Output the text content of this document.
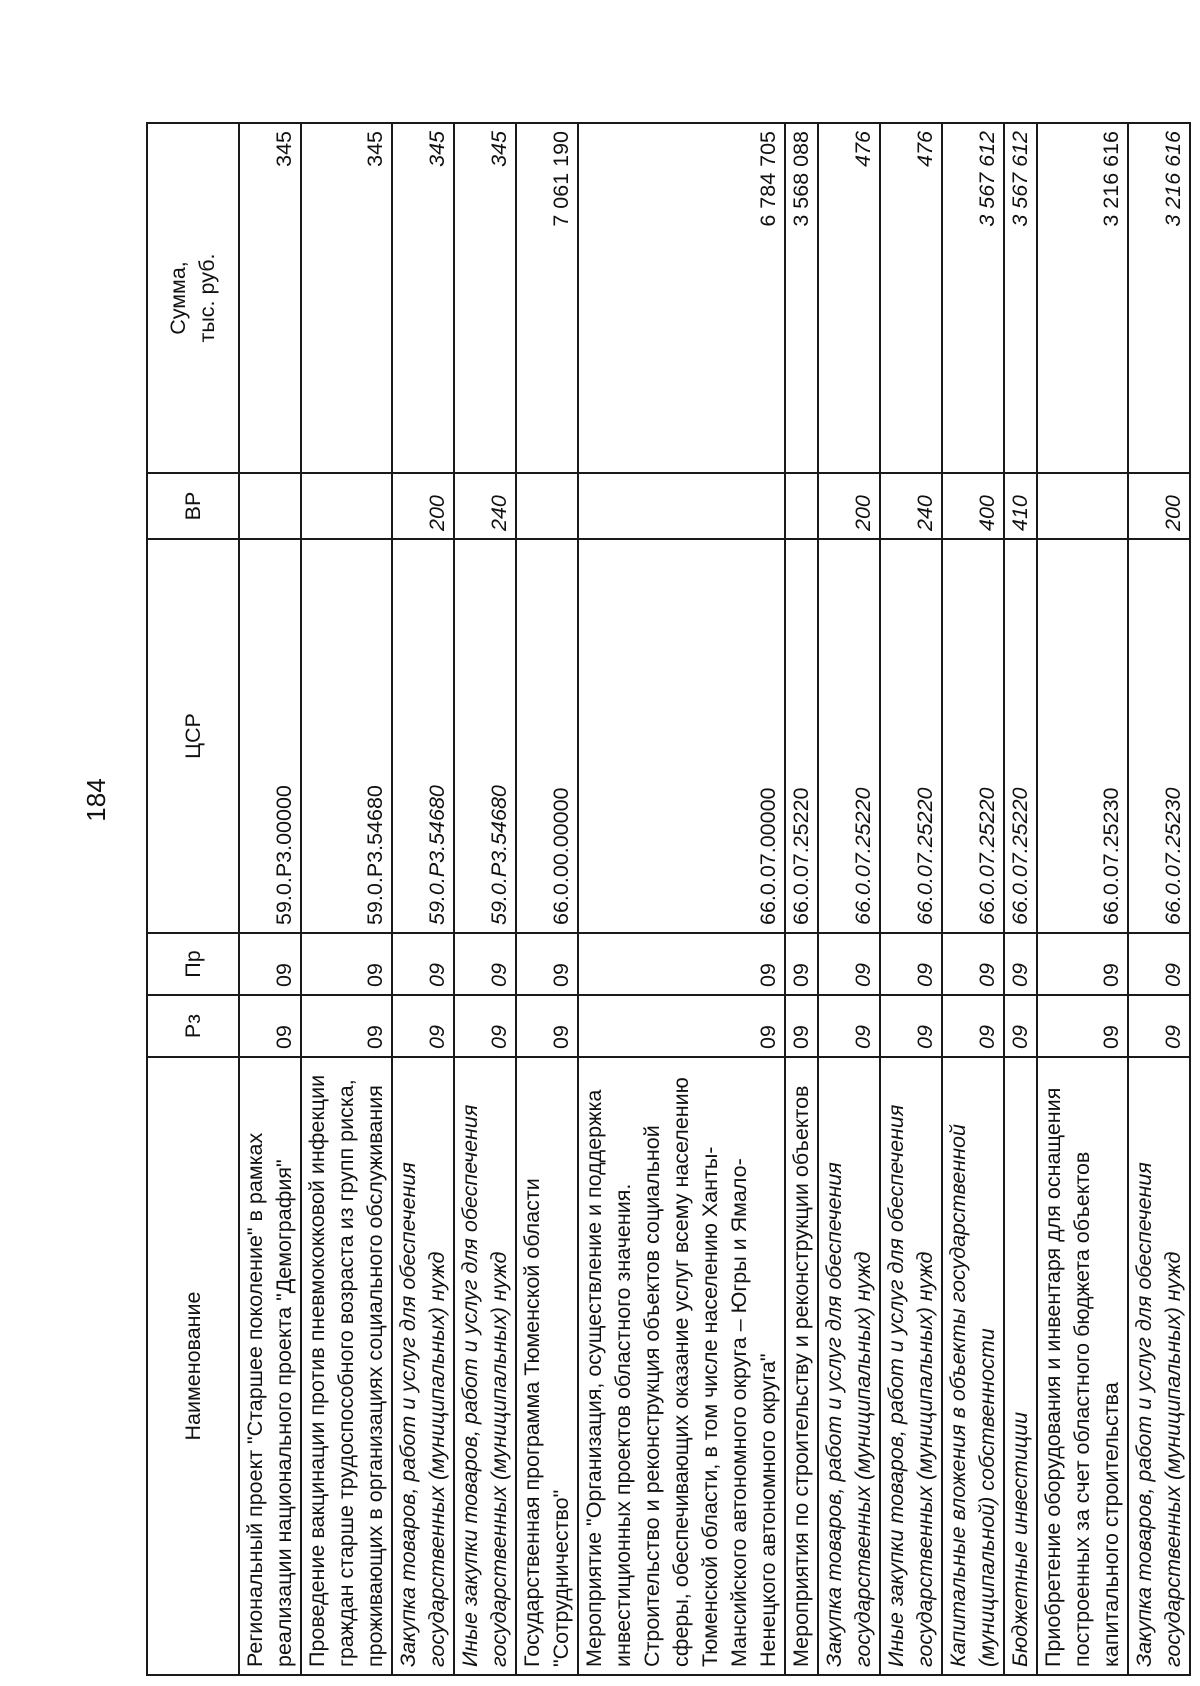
184
Наименование	Рз	Пр	ЦСР	ВР	Сумма, тыс. руб.

Региональный проект "Старшее поколение" в рамках реализации национального проекта "Демография"	09	09	59.0.P3.00000		345
Проведение вакцинации против пневмококковой инфекции граждан старше трудоспособного возраста из групп риска, проживающих в организациях социального обслуживания	09	09	59.0.P3.54680		345
Закупка товаров, работ и услуг для обеспечения государственных (муниципальных) нужд	09	09	59.0.P3.54680	200	345
Иные закупки товаров, работ и услуг для обеспечения государственных (муниципальных) нужд	09	09	59.0.P3.54680	240	345
Государственная программа Тюменской области "Сотрудничество"	09	09	66.0.00.00000		7 061 190
Мероприятие "Организация, осуществление и поддержка инвестиционных проектов областного значения. Строительство и реконструкция объектов социальной сферы, обеспечивающих оказание услуг всему населению Тюменской области, в том числе населению Ханты-Мансийского автономного округа – Югры и Ямало-Ненецкого автономного округа"	09	09	66.0.07.00000		6 784 705
Мероприятия по строительству и реконструкции объектов	09	09	66.0.07.25220		3 568 088
Закупка товаров, работ и услуг для обеспечения государственных (муниципальных) нужд	09	09	66.0.07.25220	200	476
Иные закупки товаров, работ и услуг для обеспечения государственных (муниципальных) нужд	09	09	66.0.07.25220	240	476
Капитальные вложения в объекты государственной (муниципальной) собственности	09	09	66.0.07.25220	400	3 567 612
Бюджетные инвестиции	09	09	66.0.07.25220	410	3 567 612
Приобретение оборудования и инвентаря для оснащения построенных за счет областного бюджета объектов капитального строительства	09	09	66.0.07.25230		3 216 616
Закупка товаров, работ и услуг для обеспечения государственных (муниципальных) нужд	09	09	66.0.07.25230	200	3 216 616
